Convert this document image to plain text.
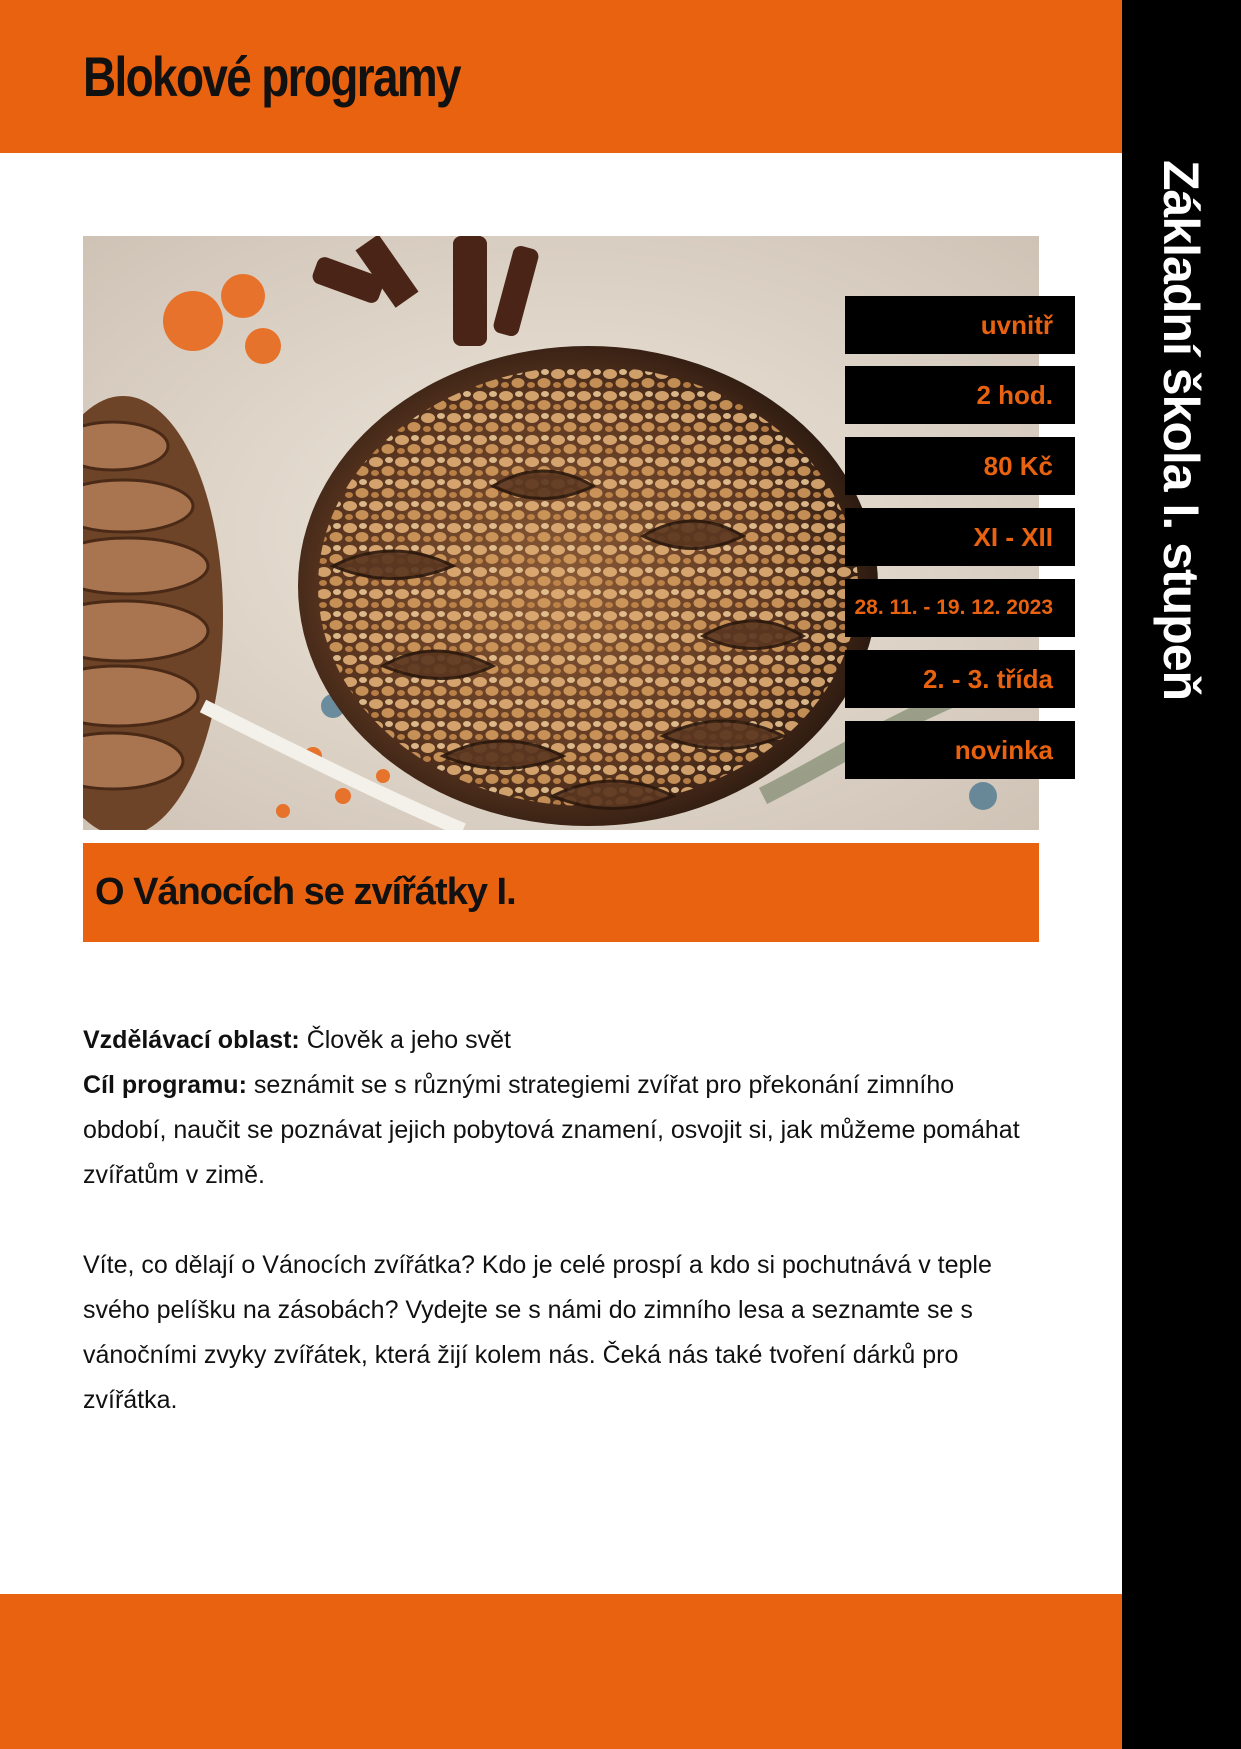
Blokové programy
Základní škola I. stupeň
uvnitř
2 hod.
80 Kč
XI - XII
28. 11. - 19. 12. 2023
2. - 3. třída
novinka
O Vánocích se zvířátky I.

Vzdělávací oblast: Člověk a jeho svět

Cíl programu: seznámit se s různými strategiemi zvířat pro překonání zimního období, naučit se poznávat jejich pobytová znamení, osvojit si, jak můžeme pomáhat zvířatům v zimě.

Víte, co dělají o Vánocích zvířátka? Kdo je celé prospí a kdo si pochutnává v teple svého pelíšku na zásobách? Vydejte se s námi do zimního lesa a seznamte se s vánočními zvyky zvířátek, která žijí kolem nás. Čeká nás také tvoření dárků pro zvířátka.
